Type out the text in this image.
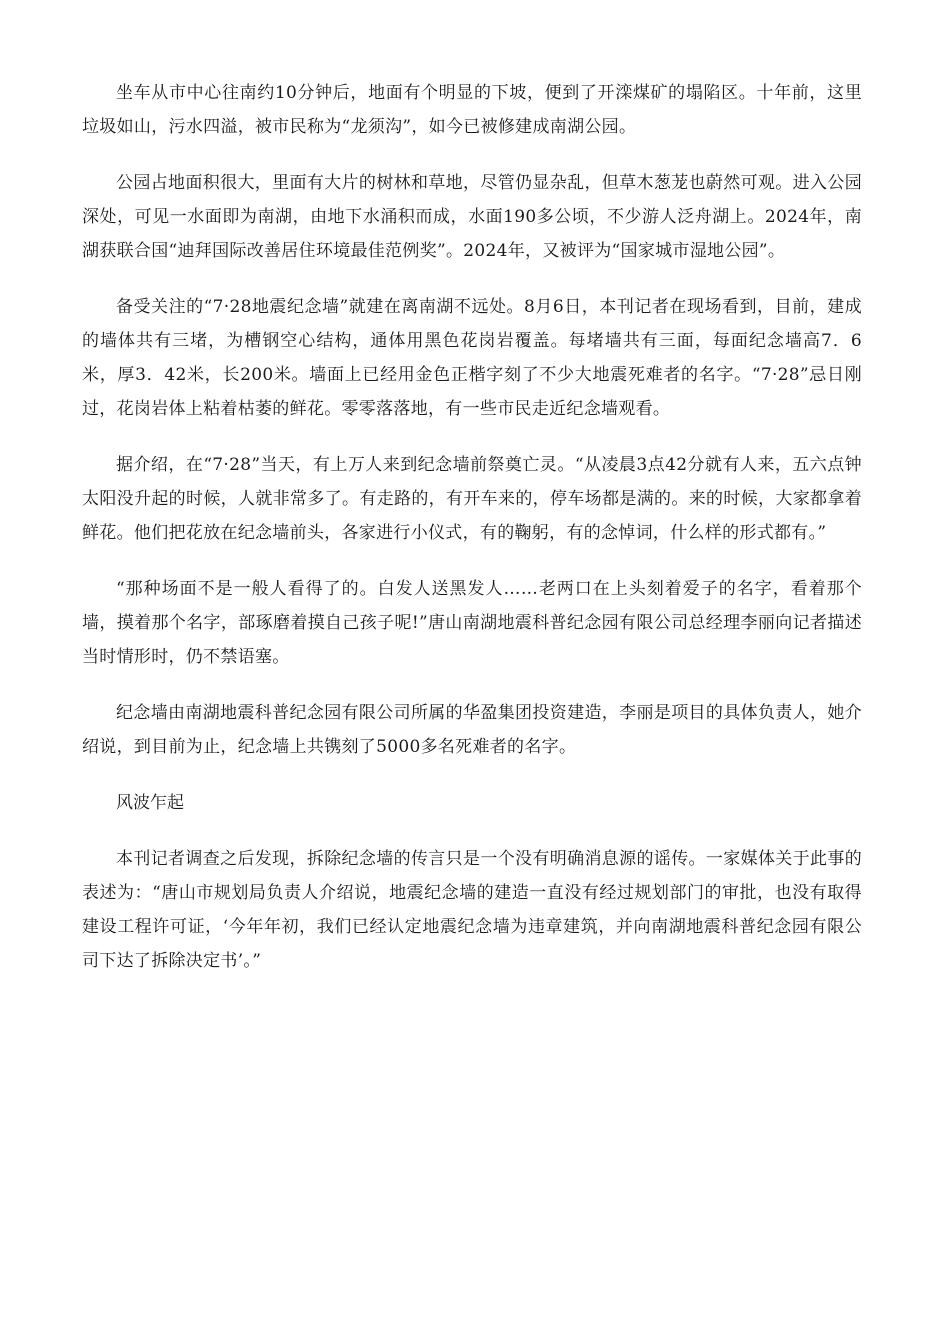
坐车从市中心往南约10分钟后，地面有个明显的下坡，便到了开滦煤矿的塌陷区。十年前，这里垃圾如山，污水四溢，被市民称为“龙须沟”，如今已被修建成南湖公园。

公园占地面积很大，里面有大片的树林和草地，尽管仍显杂乱，但草木葱茏也蔚然可观。进入公园深处，可见一水面即为南湖，由地下水涌积而成，水面190多公顷，不少游人泛舟湖上。2024年，南湖获联合国“迪拜国际改善居住环境最佳范例奖”。2024年，又被评为“国家城市湿地公园”。

备受关注的“7·28地震纪念墙”就建在离南湖不远处。8月6日，本刊记者在现场看到，目前，建成的墙体共有三堵，为槽钢空心结构，通体用黑色花岗岩覆盖。每堵墙共有三面，每面纪念墙高7．6米，厚3．42米，长200米。墙面上已经用金色正楷字刻了不少大地震死难者的名字。“7·28”忌日刚过，花岗岩体上粘着枯萎的鲜花。零零落落地，有一些市民走近纪念墙观看。

据介绍，在“7·28”当天，有上万人来到纪念墙前祭奠亡灵。“从凌晨3点42分就有人来，五六点钟太阳没升起的时候，人就非常多了。有走路的，有开车来的，停车场都是满的。来的时候，大家都拿着鲜花。他们把花放在纪念墙前头，各家进行小仪式，有的鞠躬，有的念悼词，什么样的形式都有。”

“那种场面不是一般人看得了的。白发人送黑发人……老两口在上头刻着爱子的名字，看着那个墙，摸着那个名字，部琢磨着摸自己孩子呢!”唐山南湖地震科普纪念园有限公司总经理李丽向记者描述当时情形时，仍不禁语塞。

纪念墙由南湖地震科普纪念园有限公司所属的华盈集团投资建造，李丽是项目的具体负责人，她介绍说，到目前为止，纪念墙上共镌刻了5000多名死难者的名字。

风波乍起

本刊记者调查之后发现，拆除纪念墙的传言只是一个没有明确消息源的谣传。一家媒体关于此事的表述为：“唐山市规划局负责人介绍说，地震纪念墙的建造一直没有经过规划部门的审批，也没有取得建设工程许可证，‘今年年初，我们已经认定地震纪念墙为违章建筑，并向南湖地震科普纪念园有限公司下达了拆除决定书’。”
